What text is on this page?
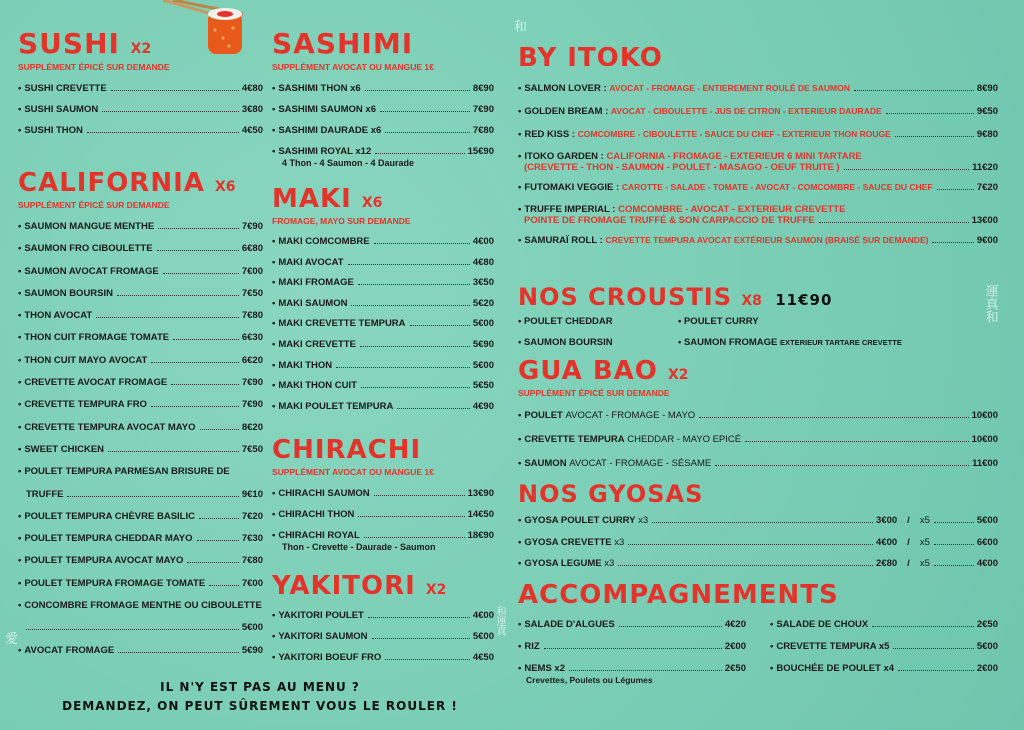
SUSHI X2
SUPPLÉMENT ÉPICÉ SUR DEMANDE
• SUSHI CREVETTE	4€80
• SUSHI SAUMON	3€80
• SUSHI THON	4€50
CALIFORNIA X6
SUPPLÉMENT ÉPICÉ SUR DEMANDE
• SAUMON MANGUE MENTHE	7€90
• SAUMON FRO CIBOULETTE	6€80
• SAUMON AVOCAT FROMAGE	7€00
• SAUMON BOURSIN	7€50
• THON AVOCAT	7€80
• THON CUIT FROMAGE TOMATE	6€30
• THON CUIT MAYO AVOCAT	6€20
• CREVETTE AVOCAT FROMAGE	7€90
• CREVETTE TEMPURA FRO	7€90
• CREVETTE TEMPURA AVOCAT MAYO	8€20
• SWEET CHICKEN	7€50
• POULET TEMPURA PARMESAN BRISURE DE
TRUFFE	9€10
• POULET TEMPURA CHÈVRE BASILIC	7€20
• POULET TEMPURA CHEDDAR MAYO	7€30
• POULET TEMPURA AVOCAT MAYO	7€80
• POULET TEMPURA FROMAGE TOMATE	7€00
• CONCOMBRE FROMAGE MENTHE OU CIBOULETTE
5€00
• AVOCAT FROMAGE	5€90
SASHIMI
SUPPLÉMENT AVOCAT OU MANGUE 1€
• SASHIMI THON x6	8€90
• SASHIMI SAUMON x6	7€90
• SASHIMI DAURADE x6	7€80
• SASHIMI ROYAL x12	15€90
4 Thon - 4 Saumon - 4 Daurade
MAKI X6
FROMAGE, MAYO SUR DEMANDE
• MAKI COMCOMBRE	4€00
• MAKI AVOCAT	4€80
• MAKI FROMAGE	3€50
• MAKI SAUMON	5€20
• MAKI CREVETTE TEMPURA	5€00
• MAKI CREVETTE	5€90
• MAKI THON	5€00
• MAKI THON CUIT	5€50
• MAKI POULET TEMPURA	4€90
CHIRACHI
SUPPLÉMENT AVOCAT OU MANGUE 1€
• CHIRACHI SAUMON	13€90
• CHIRACHI THON	14€50
• CHIRACHI ROYAL	18€90
Thon - Crevette - Daurade - Saumon
YAKITORI X2
• YAKITORI POULET	4€00
• YAKITORI SAUMON	5€00
• YAKITORI BOEUF FRO	4€50
IL N'Y EST PAS AU MENU ?
DEMANDEZ, ON PEUT SÛREMENT VOUS LE ROULER !
BY ITOKO
• SALMON LOVER :
AVOCAT - FROMAGE - ENTIEREMENT ROULÉ DE SAUMON	8€90
• GOLDEN BREAM :
AVOCAT - CIBOULETTE - JUS DE CITRON - EXTERIEUR DAURADE	9€50
• RED KISS :
COMCOMBRE - CIBOULETTE - SAUCE DU CHEF - EXTERIEUR THON ROUGE	9€80
• ITOKO GARDEN :
CALIFORNIA - FROMAGE - EXTERIEUR 6 MINI TARTARE
(CREVETTE - THON - SAUMON - POULET - MASAGO - OEUF TRUITE )	11€20
• FUTOMAKI VEGGIE :
CAROTTE - SALADE - TOMATE - AVOCAT - COMCOMBRE - SAUCE DU CHEF	7€20
• TRUFFE IMPERIAL :
COMCOMBRE - AVOCAT - EXTERIEUR CREVETTE
POINTE DE FROMAGE TRUFFÉ & SON CARPACCIO DE TRUFFE	13€00
• SAMURAÏ ROLL :
CREVETTE TEMPURA AVOCAT EXTÉRIEUR SAUMON (BRAISÉ SUR DEMANDE)	9€00
NOS CROUSTIS X8 11€90
• POULET CHEDDAR	• POULET CURRY
• SAUMON BOURSIN	• SAUMON FROMAGE EXTERIEUR TARTARE CREVETTE
GUA BAO X2
SUPPLÉMENT ÉPICÉ SUR DEMANDE
• POULET
AVOCAT - FROMAGE - MAYO	10€00
• CREVETTE TEMPURA
CHEDDAR - MAYO EPICÉ	10€00
• SAUMON
AVOCAT - FROMAGE - SÉSAME	11€00
NOS GYOSAS
• GYOSA POULET CURRY
x3	3€00 / x5	5€00
• GYOSA CREVETTE
x3	4€00 / x5	6€00
• GYOSA LEGUME
x3	2€80 / x5	4€00
ACCOMPAGNEMENTS
• SALADE D'ALGUES	4€20
• RIZ	2€00
• NEMS x2	2€50
Crevettes, Poulets ou Légumes
• SALADE DE CHOUX	2€50
• CREVETTE TEMPURA x5	5€00
• BOUCHÉE DE POULET x4	2€00
和
運真和
愛
和運真
